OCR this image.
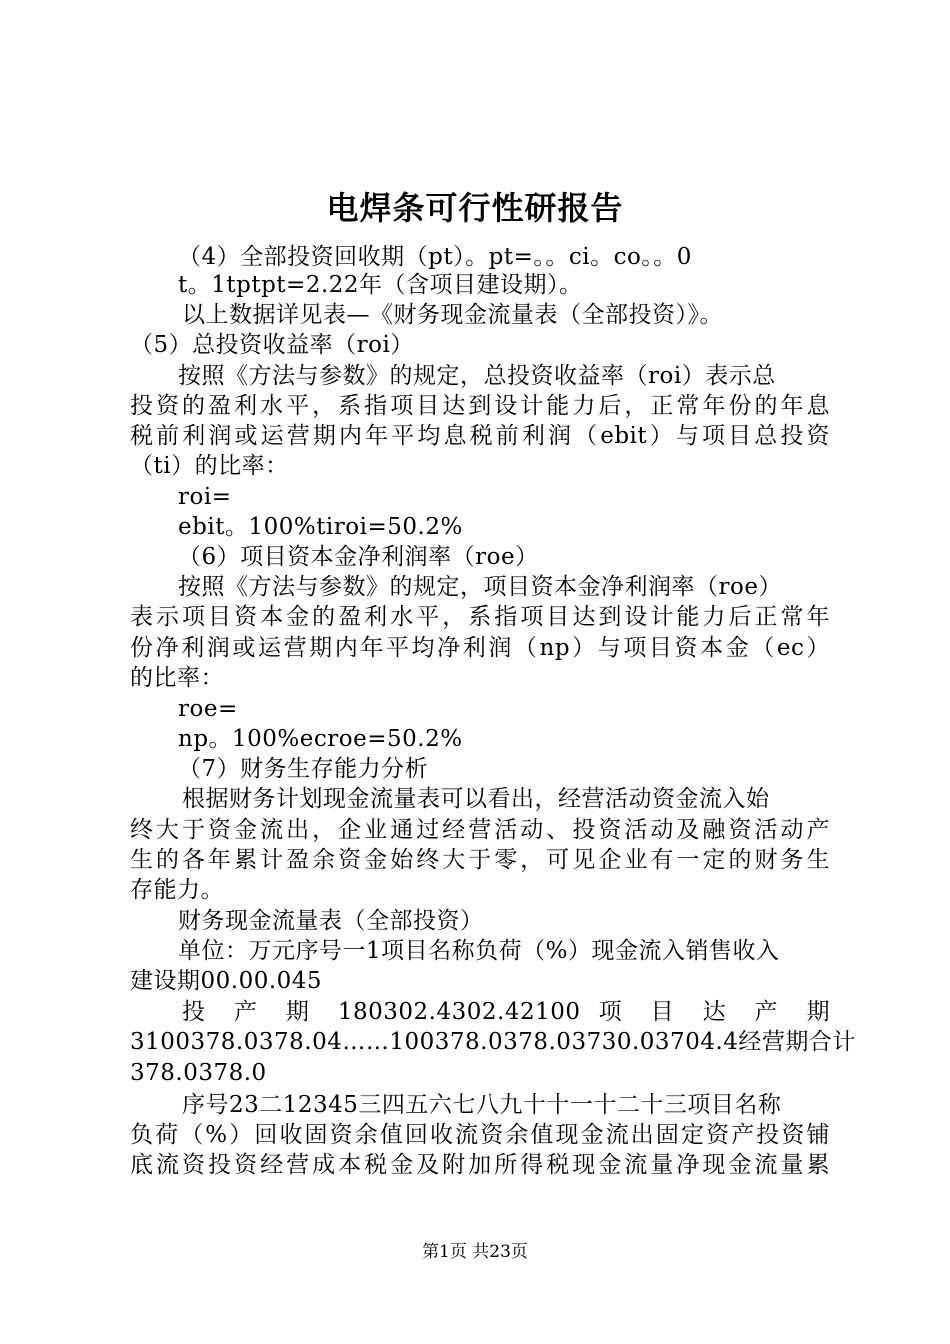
电焊条可行性研报告
（4）全部投资回收期（pt）。pt=。。ci。co。。0
t。1tptpt=2.22年（含项目建设期）。
以上数据详见表—《财务现金流量表（全部投资）》。
（5）总投资收益率（roi）
按照《方法与参数》的规定，总投资收益率（roi）表示总
投资的盈利水平，系指项目达到设计能力后，正常年份的年息
税前利润或运营期内年平均息税前利润（ebit）与项目总投资
（ti）的比率：
roi=
ebit。100%tiroi=50.2%
（6）项目资本金净利润率（roe）
按照《方法与参数》的规定，项目资本金净利润率（roe）
表示项目资本金的盈利水平，系指项目达到设计能力后正常年
份净利润或运营期内年平均净利润（np）与项目资本金（ec）
的比率：
roe=
np。100%ecroe=50.2%
（7）财务生存能力分析
根据财务计划现金流量表可以看出，经营活动资金流入始
终大于资金流出，企业通过经营活动、投资活动及融资活动产
生的各年累计盈余资金始终大于零，可见企业有一定的财务生
存能力。
财务现金流量表（全部投资）
单位：万元序号一1项目名称负荷（%）现金流入销售收入
建设期00.00.045
投 产 期 180302.4302.42100 项 目 达 产 期
3100378.0378.04……100378.0378.03730.03704.4经营期合计
378.0378.0
序号23二12345三四五六七八九十十一十二十三项目名称
负荷（%）回收固资余值回收流资余值现金流出固定资产投资铺
底流资投资经营成本税金及附加所得税现金流量净现金流量累
第1页 共23页
